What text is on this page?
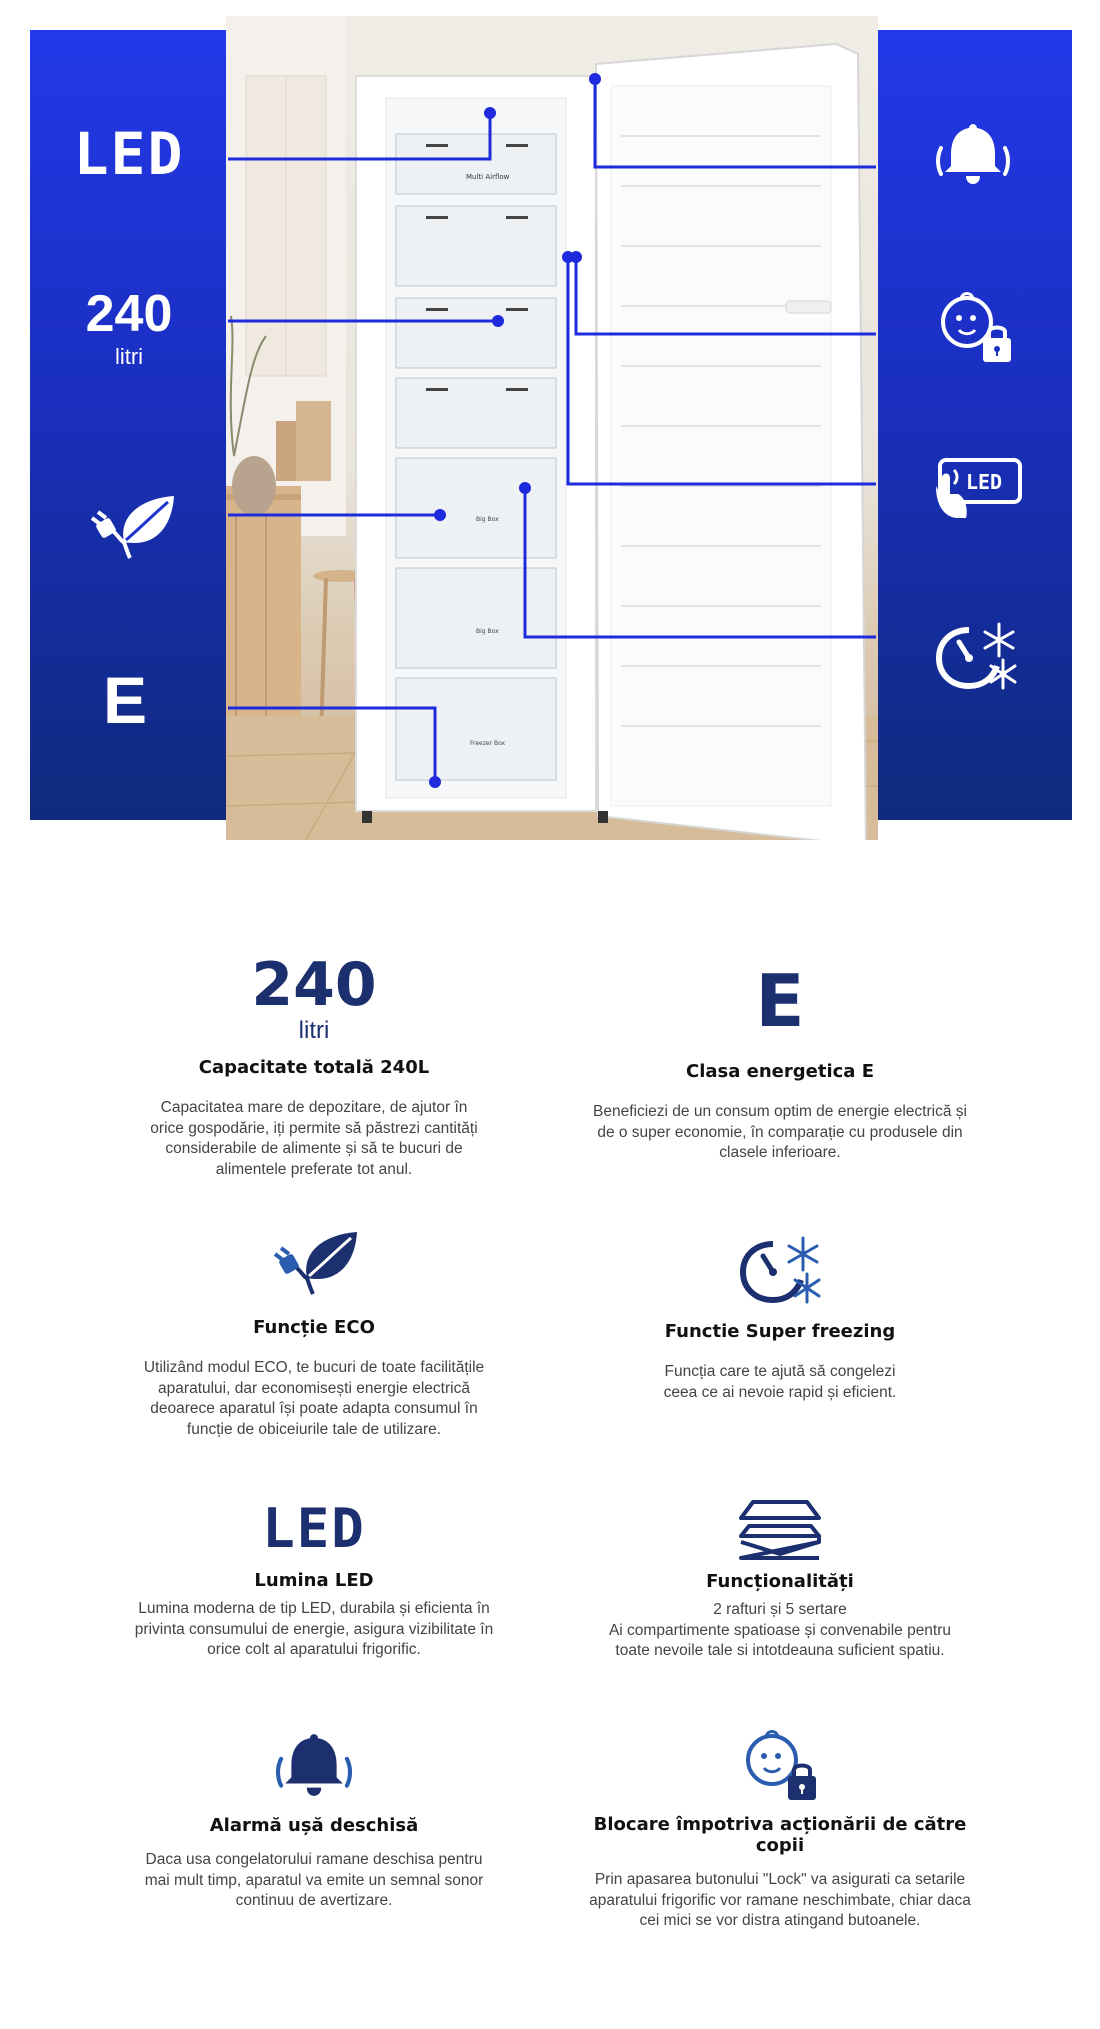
Multi Airflow
Big Box
Big Box
Freezer Box
LED
240
litri
E
LED
240
litri
Capacitate totală 240L
Capacitatea mare de depozitare, de ajutor în
orice gospodărie, iți permite să păstrezi cantități
considerabile de alimente și să te bucuri de
alimentele preferate tot anul.
E
Clasa energetica E
Beneficiezi de un consum optim de energie electrică și
de o super economie, în comparație cu produsele din
clasele inferioare.
Funcție ECO
Utilizând modul ECO, te bucuri de toate facilitățile
aparatului, dar economisești energie electrică
deoarece aparatul își poate adapta consumul în
funcție de obiceiurile tale de utilizare.
Functie Super freezing
Funcția care te ajută să congelezi
ceea ce ai nevoie rapid și eficient.
LED
Lumina LED
Lumina moderna de tip LED, durabila și eficienta în
privinta consumului de energie, asigura vizibilitate în
orice colt al aparatului frigorific.
Funcționalități
2 rafturi și 5 sertare
Ai compartimente spatioase și convenabile pentru
toate nevoile tale si intotdeauna suficient spatiu.
Alarmă ușă deschisă
Daca usa congelatorului ramane deschisa pentru
mai mult timp, aparatul va emite un semnal sonor
continuu de avertizare.
Blocare împotriva acționării de către copii
Prin apasarea butonului "Lock" va asigurati ca setarile
aparatului frigorific vor ramane neschimbate, chiar daca
cei mici se vor distra atingand butoanele.
